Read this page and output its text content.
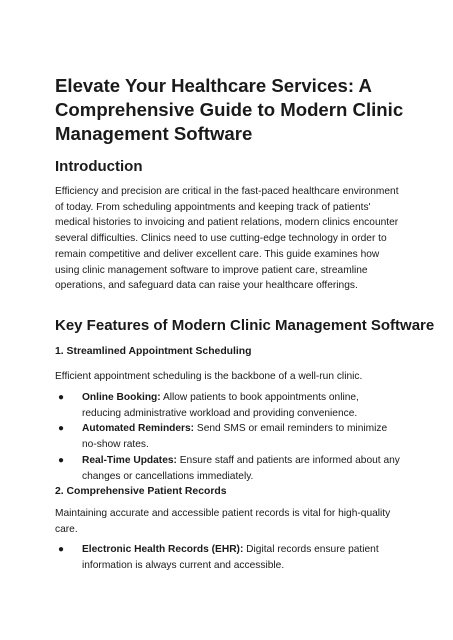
Elevate Your Healthcare Services: A Comprehensive Guide to Modern Clinic Management Software
Introduction

Efficiency and precision are critical in the fast-paced healthcare environment of today. From scheduling appointments and keeping track of patients' medical histories to invoicing and patient relations, modern clinics encounter several difficulties. Clinics need to use cutting-edge technology in order to remain competitive and deliver excellent care. This guide examines how using clinic management software to improve patient care, streamline operations, and safeguard data can raise your healthcare offerings.

Key Features of Modern Clinic Management Software
1. Streamlined Appointment Scheduling

Efficient appointment scheduling is the backbone of a well-run clinic.

● Online Booking: Allow patients to book appointments online, reducing administrative workload and providing convenience.
● Automated Reminders: Send SMS or email reminders to minimize no-show rates.
● Real-Time Updates: Ensure staff and patients are informed about any changes or cancellations immediately.
2. Comprehensive Patient Records

Maintaining accurate and accessible patient records is vital for high-quality care.

● Electronic Health Records (EHR): Digital records ensure patient information is always current and accessible.
